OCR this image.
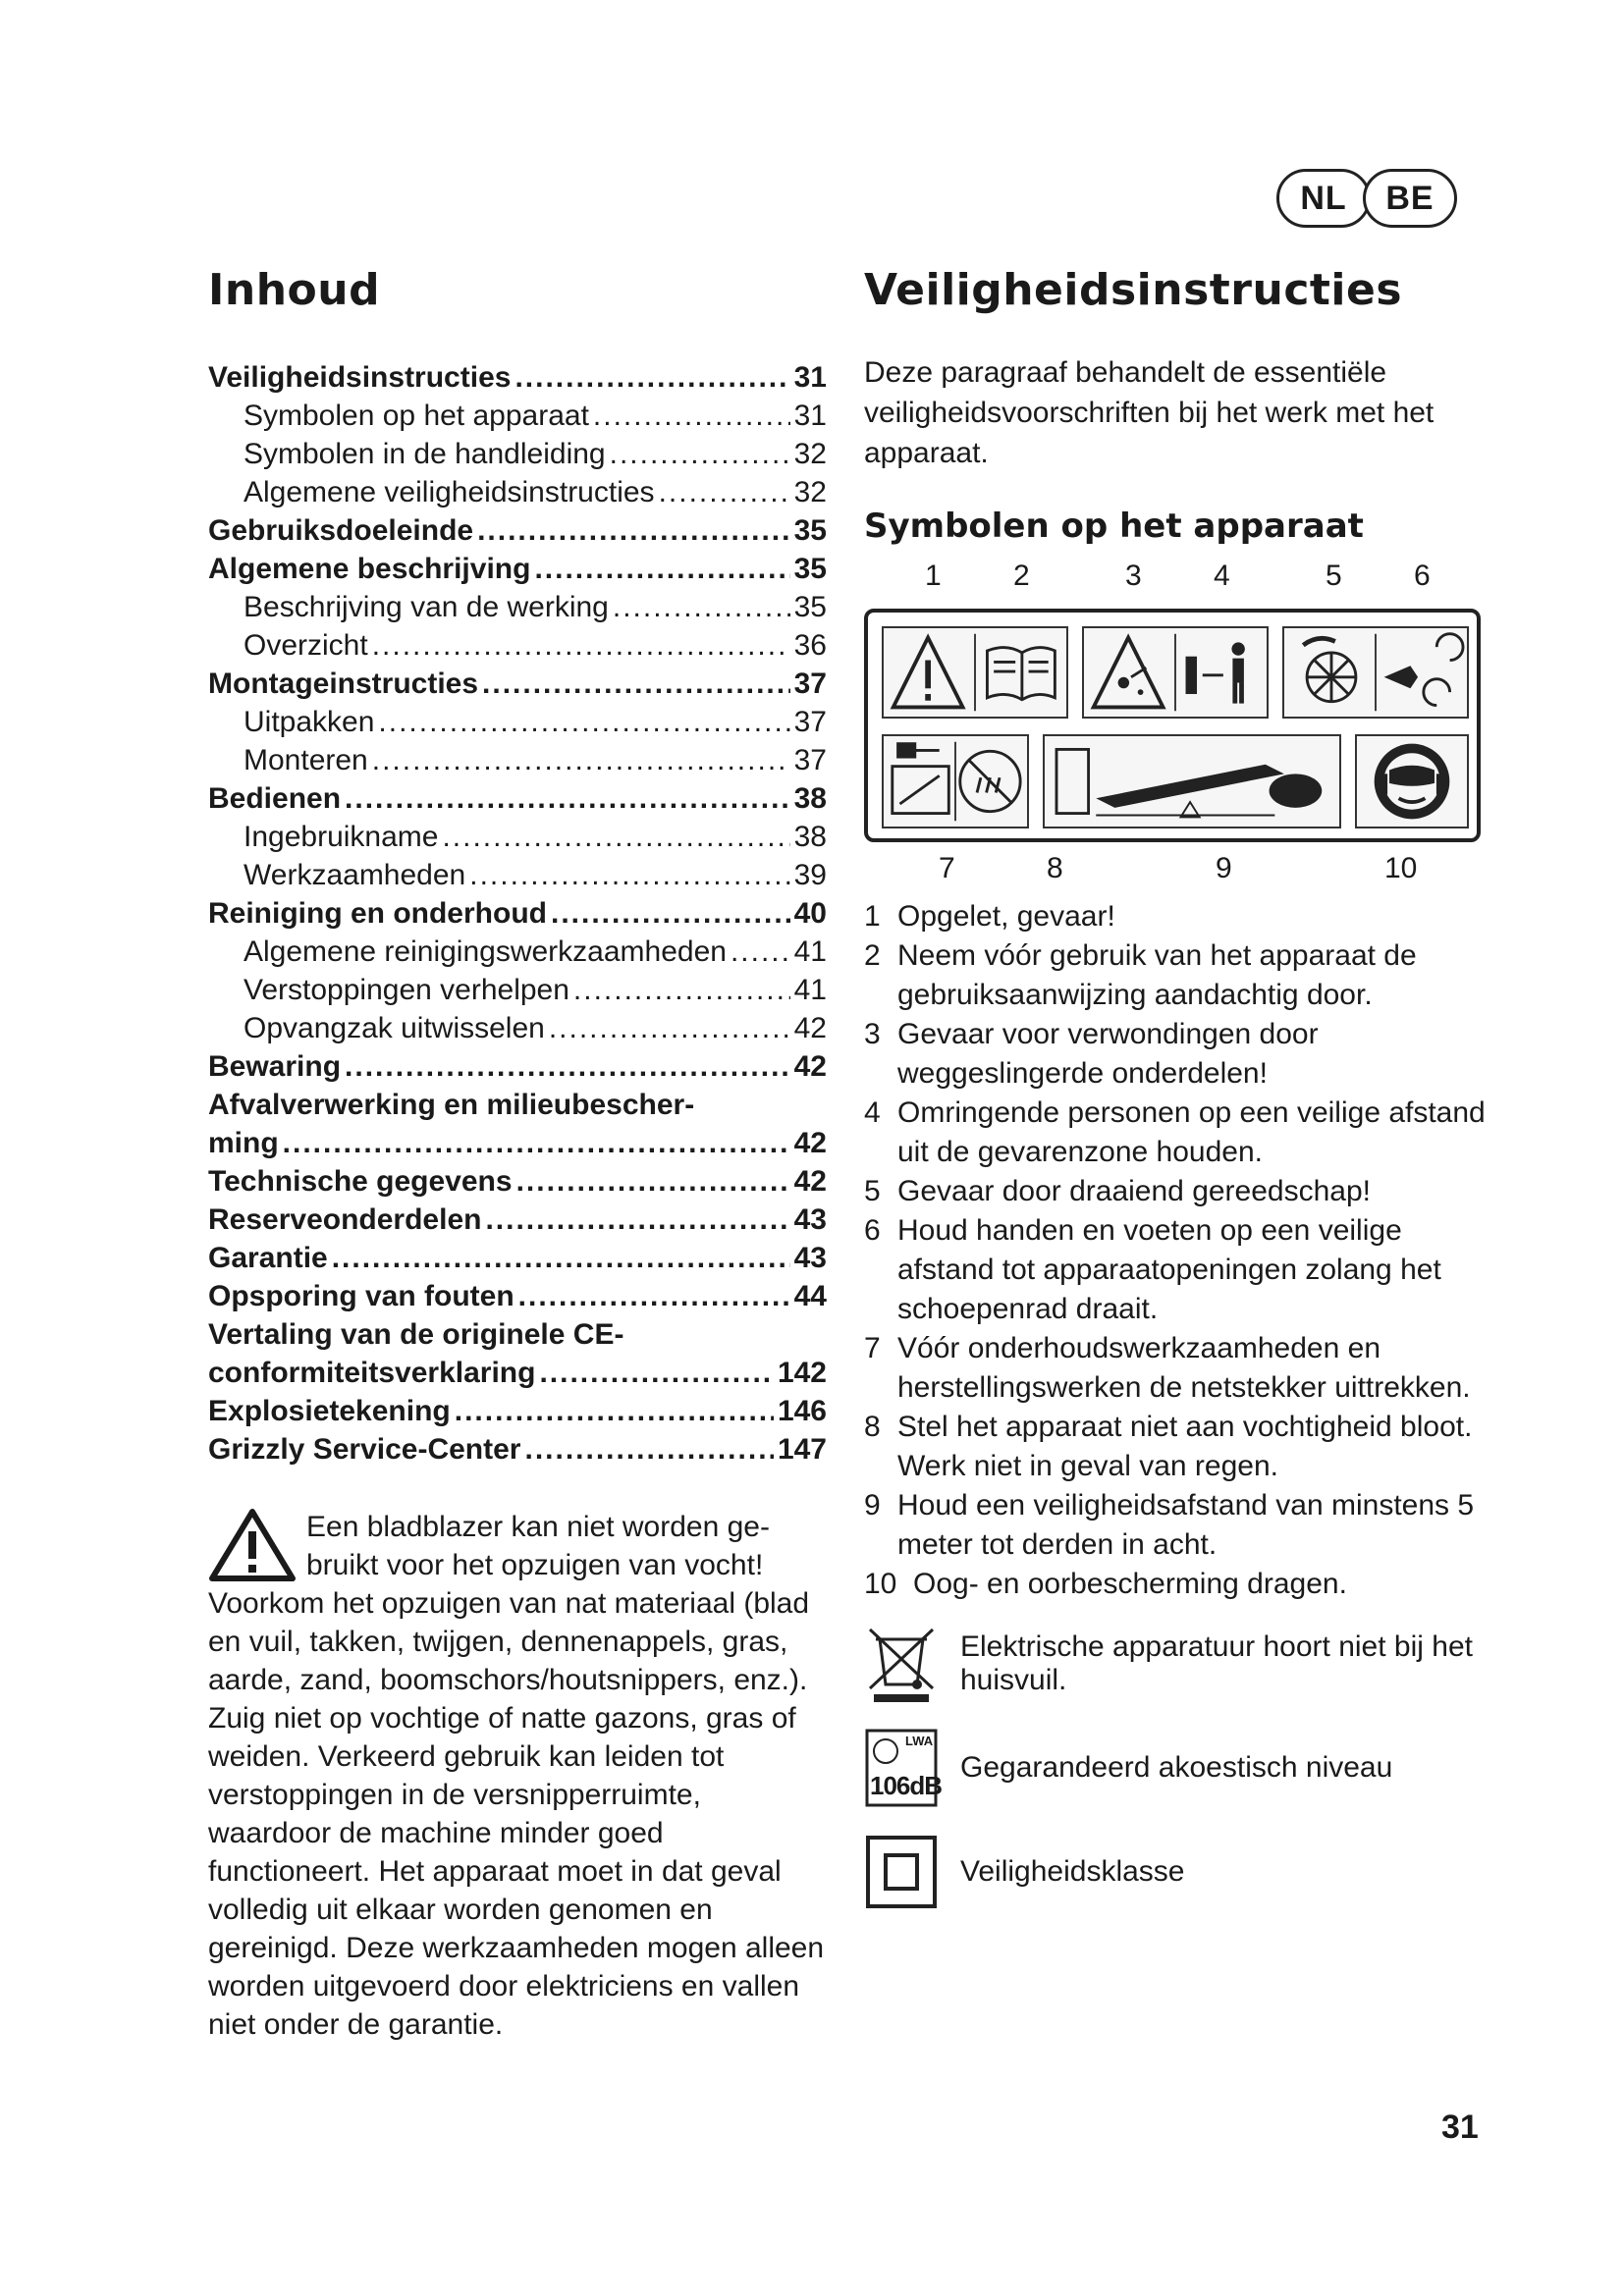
NL	BE
Inhoud
Veiligheidsinstructies .....	31
Symbolen op het apparaat .....	31
Symbolen in de handleiding .....	32
Algemene veiligheidsinstructies .....	32
Gebruiksdoeleinde .....	35
Algemene beschrijving .....	35
Beschrijving van de werking .....	35
Overzicht .....	36
Montageinstructies .....	37
Uitpakken .....	37
Monteren .....	37
Bedienen .....	38
Ingebruikname .....	38
Werkzaamheden .....	39
Reiniging en onderhoud .....	40
Algemene reinigingswerkzaamheden ..... 41
Verstoppingen verhelpen .....	41
Opvangzak uitwisselen .....	42
Bewaring .....	42
Afvalverwerking en milieubescher-
ming .....	42
Technische gegevens .....	42
Reserveonderdelen .....	43
Garantie .....	43
Opsporing van fouten .....	44
Vertaling van de originele CE-
conformiteitsverklaring .....	142
Explosietekening .....	146
Grizzly Service-Center .....	147
Een bladblazer kan niet worden ge-
bruikt voor het opzuigen van vocht!
Voorkom het opzuigen van nat materiaal (blad en vuil, takken, twijgen, dennenappels, gras, aarde, zand, boomschors/houtsnippers, enz.). Zuig niet op vochtige of natte gazons, gras of weiden. Verkeerd gebruik kan leiden tot verstoppingen in de versnipperruimte, waardoor de machine minder goed functioneert. Het apparaat moet in dat geval volledig uit elkaar worden genomen en gereinigd. Deze werkzaamheden mogen alleen worden uitgevoerd door elektriciens en vallen niet onder de garantie.
Veiligheidsinstructies
Deze paragraaf behandelt de essentiële veiligheidsvoorschriften bij het werk met het apparaat.
Symbolen op het apparaat
1 2	3 4	5 6
7	8	9	10
1 Opgelet, gevaar!
2 Neem vóór gebruik van het apparaat de gebruiksaanwijzing aandachtig door.
3 Gevaar voor verwondingen door weggeslingerde onderdelen!
4 Omringende personen op een veilige afstand uit de gevarenzone houden.
5 Gevaar door draaiend gereedschap!
6 Houd handen en voeten op een veilige afstand tot apparaatopeningen zolang het schoepenrad draait.
7 Vóór onderhoudswerkzaamheden en herstellingswerken de netstekker uittrekken.
8 Stel het apparaat niet aan vochtigheid bloot. Werk niet in geval van regen.
9 Houd een veiligheidsafstand van minstens 5 meter tot derden in acht.
10 Oog- en oorbescherming dragen.
Elektrische apparatuur hoort niet bij het huisvuil.
LWA
106dB
Gegarandeerd akoestisch niveau
Veiligheidsklasse
31
